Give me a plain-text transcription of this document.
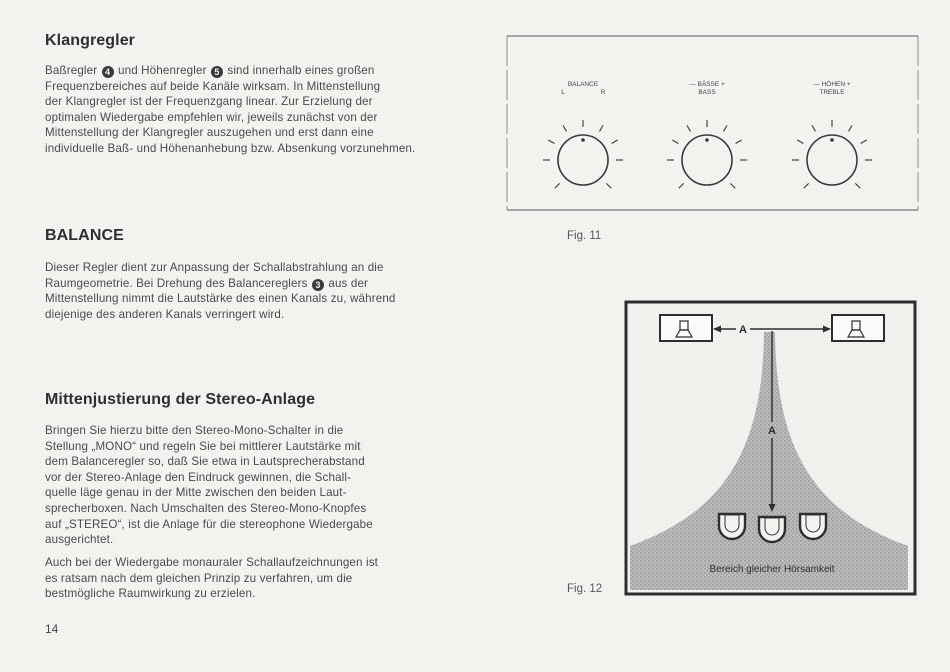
Klangregler
Baßregler 4 und Höhenregler 5 sind innerhalb eines großen
Frequenzbereiches auf beide Kanäle wirksam. In Mittenstellung
der Klangregler ist der Frequenzgang linear. Zur Erzielung der
optimalen Wiedergabe empfehlen wir, jeweils zunächst von der
Mittenstellung der Klangregler auszugehen und erst dann eine
individuelle Baß- und Höhenanhebung bzw. Absenkung vorzunehmen.
BALANCE
Dieser Regler dient zur Anpassung der Schallabstrahlung an die
Raumgeometrie. Bei Drehung des Balancereglers 3 aus der
Mittenstellung nimmt die Lautstärke des einen Kanals zu, während
diejenige des anderen Kanals verringert wird.
Mittenjustierung der Stereo-Anlage
Bringen Sie hierzu bitte den Stereo-Mono-Schalter in die
Stellung „MONO“ und regeln Sie bei mittlerer Lautstärke mit
dem Balanceregler so, daß Sie etwa in Lautsprecherabstand
vor der Stereo-Anlage den Eindruck gewinnen, die Schall-
quelle läge genau in der Mitte zwischen den beiden Laut-
sprecherboxen. Nach Umschalten des Stereo-Mono-Knopfes
auf „STEREO“, ist die Anlage für die stereophone Wiedergabe
ausgerichtet.
Auch bei der Wiedergabe monauraler Schallaufzeichnungen ist
es ratsam nach dem gleichen Prinzip zu verfahren, um die
bestmögliche Raumwirkung zu erzielen.
14
BALANCE
L	R
— BÄSSE +
BASS
— HÖHEN +
TREBLE
Fig. 11
A
A
Bereich gleicher Hörsamkeit
Fig. 12
